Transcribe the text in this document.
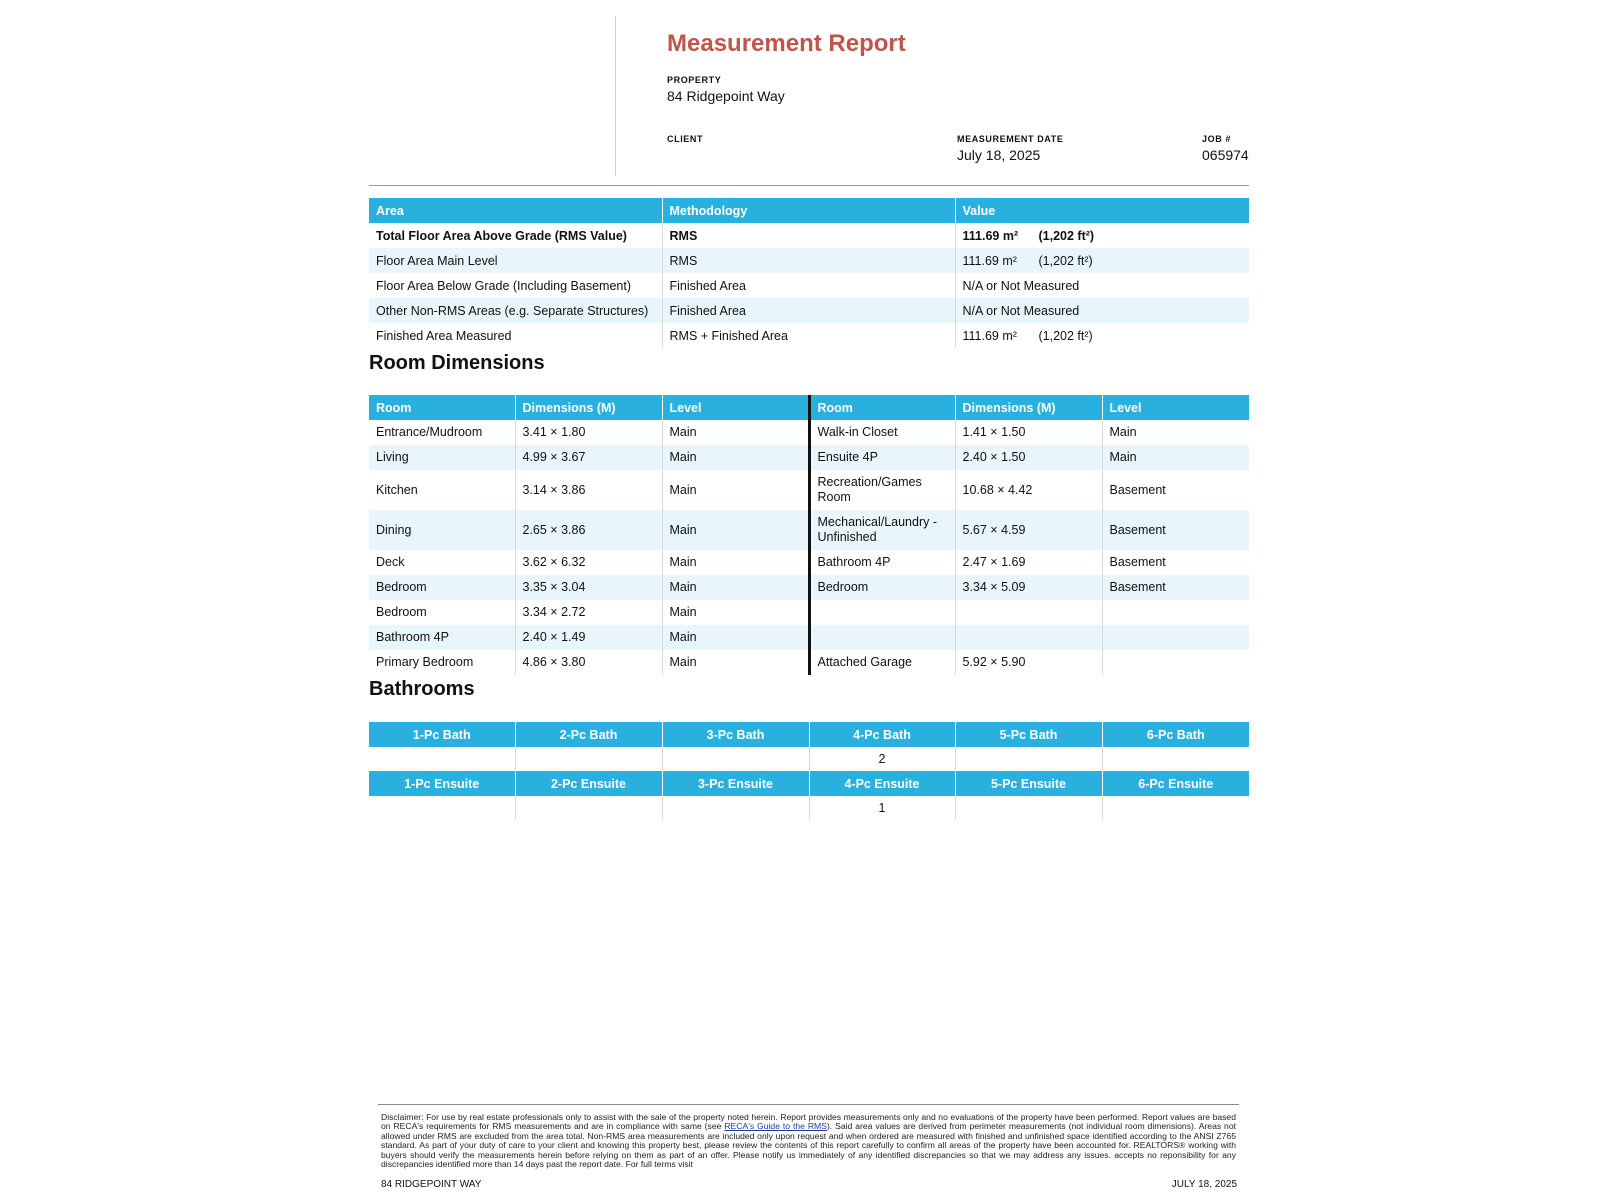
Measurement Report
PROPERTY
84 Ridgepoint Way
CLIENT	MEASUREMENT DATE
July 18, 2025
JOB #
065974
Area	Methodology	Value
Total Floor Area Above Grade (RMS Value)	RMS	111.69 m² (1,202 ft²)
Floor Area Main Level	RMS	111.69 m² (1,202 ft²)
Floor Area Below Grade (Including Basement)	Finished Area	N/A or Not Measured
Other Non-RMS Areas (e.g. Separate Structures)	Finished Area	N/A or Not Measured
Finished Area Measured	RMS + Finished Area	111.69 m² (1,202 ft²)
Room Dimensions
Room	Dimensions (M)	Level	Room	Dimensions (M)	Level
Entrance/Mudroom	3.41 × 1.80	Main	Walk-in Closet	1.41 × 1.50	Main
Living	4.99 × 3.67	Main	Ensuite 4P	2.40 × 1.50	Main
Kitchen	3.14 × 3.86	Main	Recreation/Games Room	10.68 × 4.42	Basement
Dining	2.65 × 3.86	Main	Mechanical/Laundry - Unfinished	5.67 × 4.59	Basement
Deck	3.62 × 6.32	Main	Bathroom 4P	2.47 × 1.69	Basement
Bedroom	3.35 × 3.04	Main	Bedroom	3.34 × 5.09	Basement
Bedroom	3.34 × 2.72	Main			
Bathroom 4P	2.40 × 1.49	Main			
Primary Bedroom	4.86 × 3.80	Main	Attached Garage	5.92 × 5.90	
Bathrooms
1-Pc Bath	2-Pc Bath	3-Pc Bath	4-Pc Bath	5-Pc Bath	6-Pc Bath
			2		
1-Pc Ensuite	2-Pc Ensuite	3-Pc Ensuite	4-Pc Ensuite	5-Pc Ensuite	6-Pc Ensuite
			1		
Disclaimer: For use by real estate professionals only to assist with the sale of the property noted herein. Report provides measurements only and no evaluations of the property have been performed. Report values are based on RECA's requirements for RMS measurements and are in compliance with same (see RECA's Guide to the RMS). Said area values are derived from perimeter measurements (not individual room dimensions). Areas not allowed under RMS are excluded from the area total. Non-RMS area measurements are included only upon request and when ordered are measured with finished and unfinished space identified according to the ANSI Z765 standard. As part of your duty of care to your client and knowing this property best, please review the contents of this report carefully to confirm all areas of the property have been accounted for. REALTORS® working with buyers should verify the measurements herein before relying on them as part of an offer. Please notify us immediately of any identified discrepancies so that we may address any issues. accepts no reponsibility for any discrepancies identified more than 14 days past the report date. For full terms visit
84 RIDGEPOINT WAY	JULY 18, 2025
